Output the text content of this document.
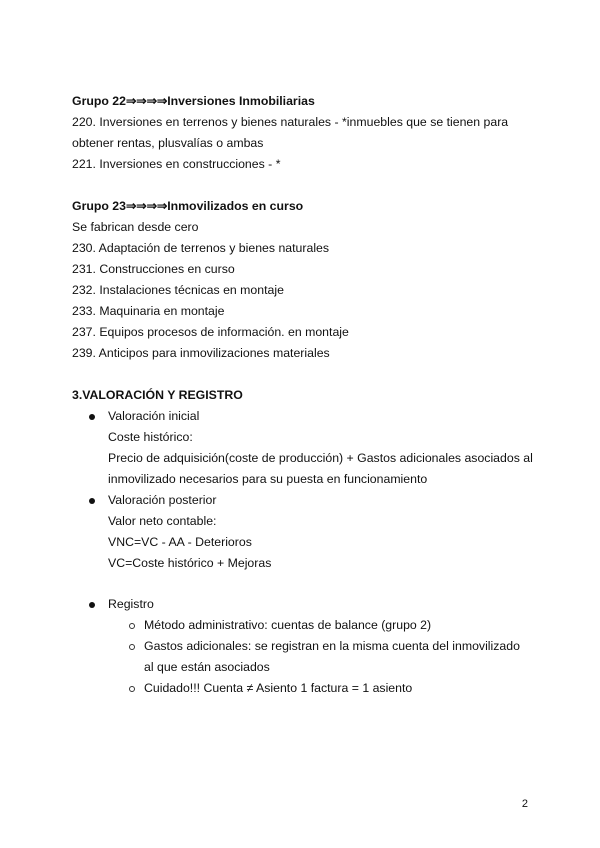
Grupo 22⇒⇒⇒⇒Inversiones Inmobiliarias
220. Inversiones en terrenos y bienes naturales - *inmuebles que se tienen para
obtener rentas, plusvalías o ambas
221. Inversiones en construcciones - *
Grupo 23⇒⇒⇒⇒Inmovilizados en curso
Se fabrican desde cero
230. Adaptación de terrenos y bienes naturales
231. Construcciones en curso
232. Instalaciones técnicas en montaje
233. Maquinaria en montaje
237. Equipos procesos de información. en montaje
239. Anticipos para inmovilizaciones materiales
3.VALORACIÓN Y REGISTRO
Valoración inicial
Coste histórico:
Precio de adquisición(coste de producción) + Gastos adicionales asociados al
inmovilizado necesarios para su puesta en funcionamiento
Valoración posterior
Valor neto contable:
VNC=VC - AA - Deterioros
VC=Coste histórico + Mejoras
Registro
Método administrativo: cuentas de balance (grupo 2)
Gastos adicionales: se registran en la misma cuenta del inmovilizado
al que están asociados
Cuidado!!! Cuenta ≠ Asiento 1 factura = 1 asiento
2
